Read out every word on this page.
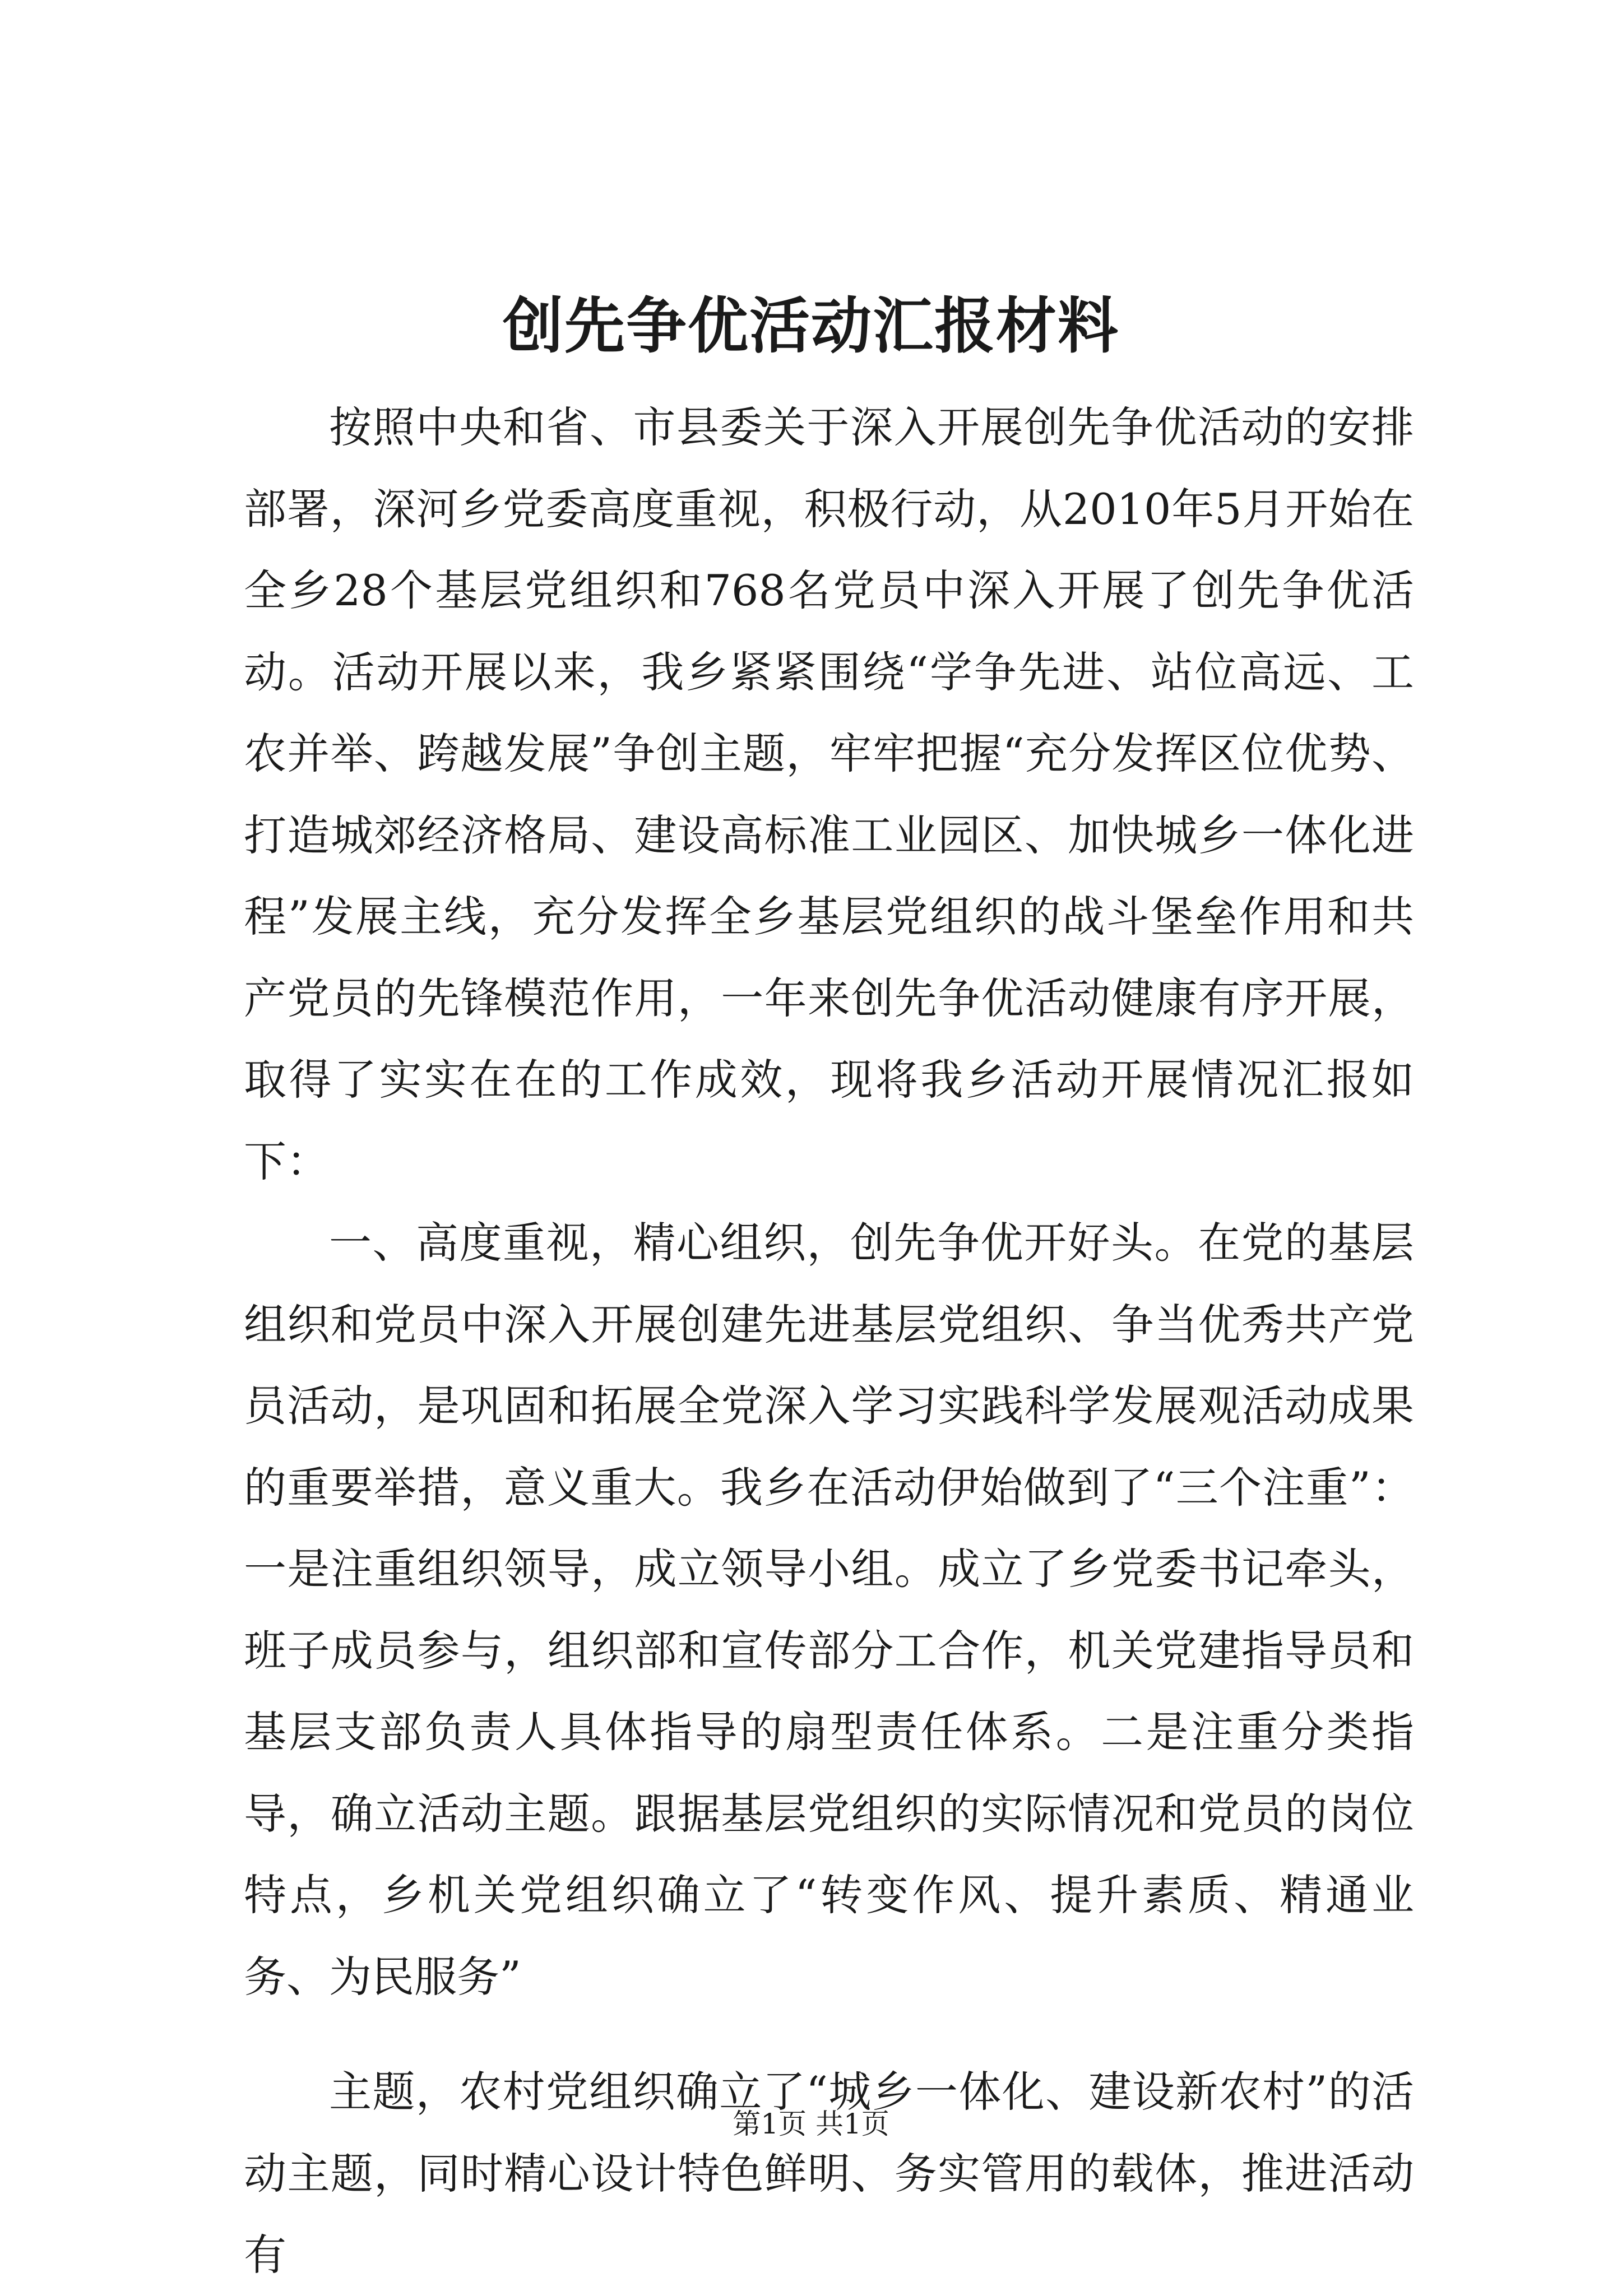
创先争优活动汇报材料

按照中央和省、市县委关于深入开展创先争优活动的安排部署，深河乡党委高度重视，积极行动，从2010年5月开始在全乡28个基层党组织和768名党员中深入开展了创先争优活动。活动开展以来，我乡紧紧围绕“学争先进、站位高远、工农并举、跨越发展”争创主题，牢牢把握“充分发挥区位优势、打造城郊经济格局、建设高标准工业园区、加快城乡一体化进程”发展主线，充分发挥全乡基层党组织的战斗堡垒作用和共产党员的先锋模范作用，一年来创先争优活动健康有序开展，取得了实实在在的工作成效，现将我乡活动开展情况汇报如下：

一、高度重视，精心组织，创先争优开好头。在党的基层组织和党员中深入开展创建先进基层党组织、争当优秀共产党员活动，是巩固和拓展全党深入学习实践科学发展观活动成果的重要举措，意义重大。我乡在活动伊始做到了“三个注重”：一是注重组织领导，成立领导小组。成立了乡党委书记牵头，班子成员参与，组织部和宣传部分工合作，机关党建指导员和基层支部负责人具体指导的扇型责任体系。二是注重分类指导，确立活动主题。跟据基层党组织的实际情况和党员的岗位特点，乡机关党组织确立了“转变作风、提升素质、精通业务、为民服务”

主题，农村党组织确立了“城乡一体化、建设新农村”的活动主题，同时精心设计特色鲜明、务实管用的载体，推进活动有

第1页 共1页
